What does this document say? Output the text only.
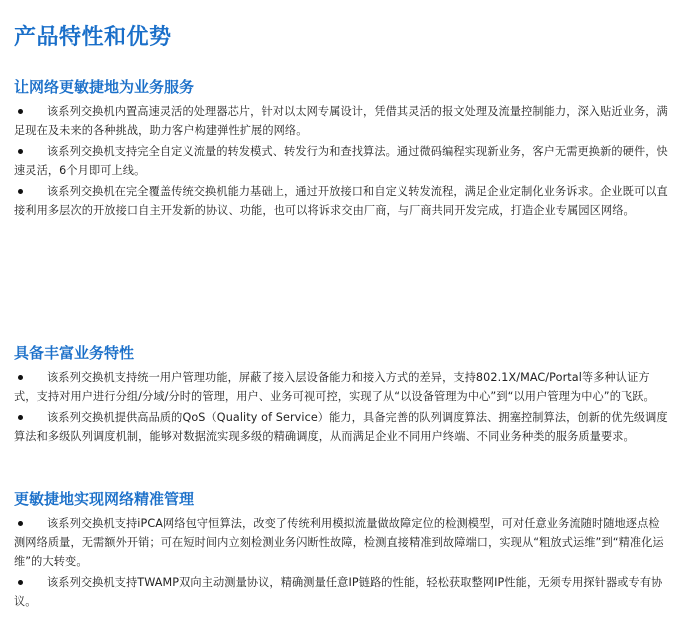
产品特性和优势
让网络更敏捷地为业务服务
该系列交换机内置高速灵活的处理器芯片，针对以太网专属设计，凭借其灵活的报文处理及流量控制能力，深入贴近业务，满足现在及未来的各种挑战，助力客户构建弹性扩展的网络。
该系列交换机支持完全自定义流量的转发模式、转发行为和查找算法。通过微码编程实现新业务，客户无需更换新的硬件，快速灵活，6个月即可上线。
该系列交换机在完全覆盖传统交换机能力基础上，通过开放接口和自定义转发流程，满足企业定制化业务诉求。企业既可以直接利用多层次的开放接口自主开发新的协议、功能，也可以将诉求交由厂商，与厂商共同开发完成，打造企业专属园区网络。
具备丰富业务特性
该系列交换机支持统一用户管理功能，屏蔽了接入层设备能力和接入方式的差异，支持802.1X/MAC/Portal等多种认证方式，支持对用户进行分组/分域/分时的管理，用户、业务可视可控，实现了从“以设备管理为中心”到“以用户管理为中心”的飞跃。
该系列交换机提供高品质的QoS（Quality of Service）能力，具备完善的队列调度算法、拥塞控制算法，创新的优先级调度算法和多级队列调度机制，能够对数据流实现多级的精确调度，从而满足企业不同用户终端、不同业务种类的服务质量要求。
更敏捷地实现网络精准管理
该系列交换机支持iPCA网络包守恒算法，改变了传统利用模拟流量做故障定位的检测模型，可对任意业务流随时随地逐点检测网络质量，无需额外开销；可在短时间内立刻检测业务闪断性故障，检测直接精准到故障端口，实现从“粗放式运维”到“精准化运维”的大转变。
该系列交换机支持TWAMP双向主动测量协议，精确测量任意IP链路的性能，轻松获取整网IP性能，无须专用探针器或专有协议。
